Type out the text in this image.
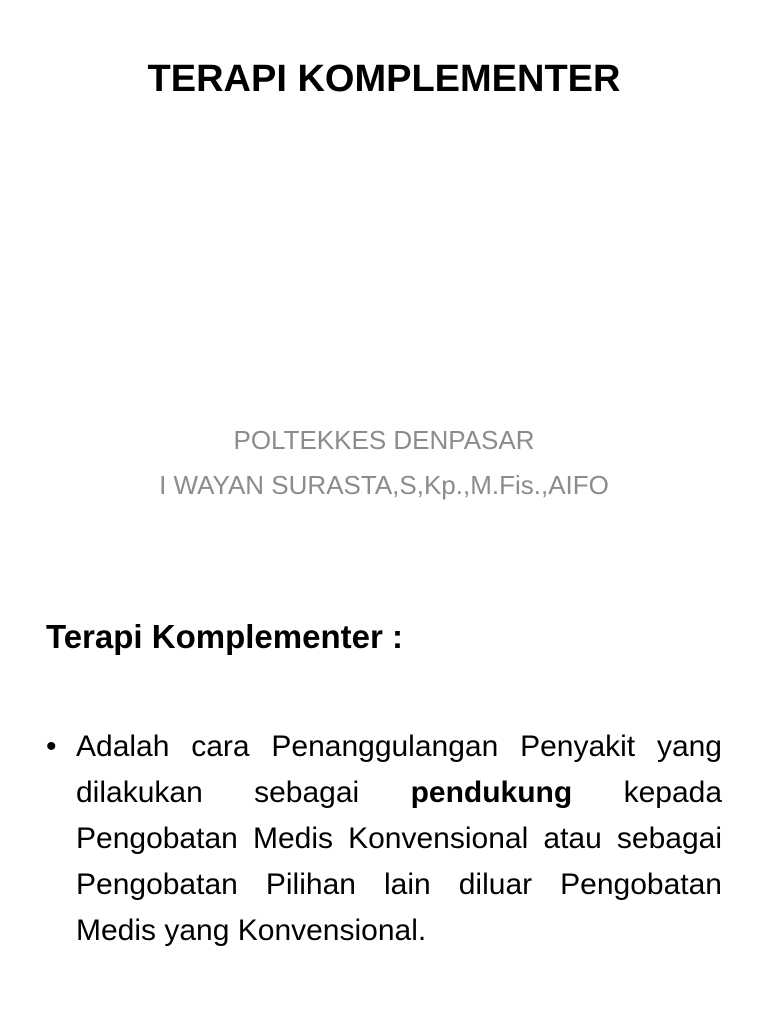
TERAPI KOMPLEMENTER
POLTEKKES DENPASAR
I WAYAN SURASTA,S,Kp.,M.Fis.,AIFO
Terapi Komplementer :
• Adalah cara Penanggulangan Penyakit yang dilakukan sebagai pendukung kepada Pengobatan Medis Konvensional atau sebagai Pengobatan Pilihan lain diluar Pengobatan Medis yang Konvensional.
